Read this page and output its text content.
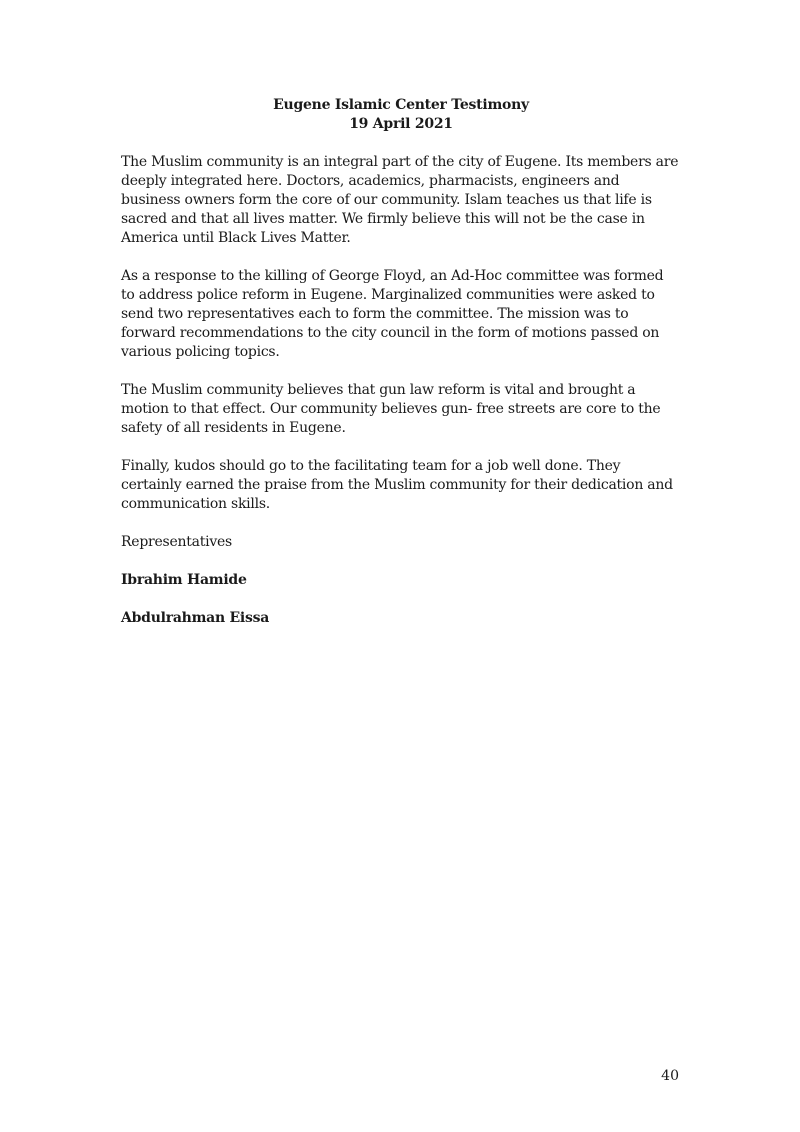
Eugene Islamic Center Testimony
19 April 2021

The Muslim community is an integral part of the city of Eugene. Its members are deeply integrated here. Doctors, academics, pharmacists, engineers and business owners form the core of our community. Islam teaches us that life is sacred and that all lives matter. We firmly believe this will not be the case in America until Black Lives Matter.

As a response to the killing of George Floyd, an Ad-Hoc committee was formed to address police reform in Eugene. Marginalized communities were asked to send two representatives each to form the committee. The mission was to forward recommendations to the city council in the form of motions passed on various policing topics.

The Muslim community believes that gun law reform is vital and brought a motion to that effect. Our community believes gun- free streets are core to the safety of all residents in Eugene.

Finally, kudos should go to the facilitating team for a job well done. They certainly earned the praise from the Muslim community for their dedication and communication skills.

Representatives

Ibrahim Hamide

Abdulrahman Eissa

40
